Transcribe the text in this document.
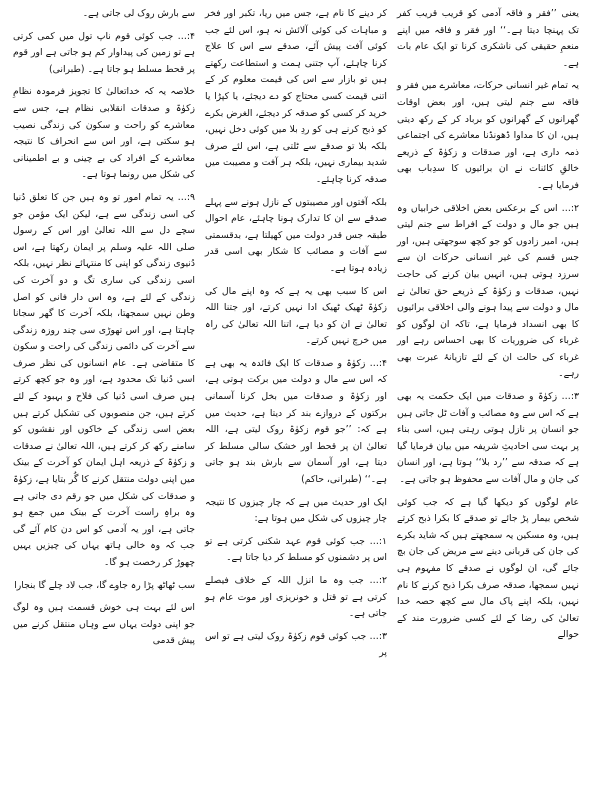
یعنی ’’فقر و فاقہ آدمی کو قریب قریب کفر تک پہنچا دیتا ہے۔‘‘ اور فقر و فاقہ میں اپنے منعمِ حقیقی کی ناشکری کرنا تو ایک عام بات ہے۔

یہ تمام غیر انسانی حرکات، معاشرے میں فقر و فاقہ سے جنم لیتی ہیں، اور بعض اوقات گھرانوں کے گھرانوں کو برباد کر کے رکھ دیتی ہیں، ان کا مداوا ڈھونڈنا معاشرے کی اجتماعی ذمہ داری ہے، اور صدقات و زکوٰۃ کے ذریعے خالقِ کائنات نے ان برائیوں کا سدِباب بھی فرمایا ہے۔

۲:… اس کے برعکس بعض اخلاقی خرابیاں وہ ہیں جو مال و دولت کے افراط سے جنم لیتی ہیں، امیر زادوں کو جو کچھ سوجھتی ہیں، اور جس قسم کی غیر انسانی حرکات ان سے سرزد ہوتی ہیں، انہیں بیان کرنے کی حاجت نہیں، صدقات و زکوٰۃ کے ذریعے حق تعالیٰ نے مال و دولت سے پیدا ہونے والی اخلاقی برائیوں کا بھی انسداد فرمایا ہے، تاکہ ان لوگوں کو غرباء کی ضروریات کا بھی احساس رہے اور غرباء کی حالت ان کے لئے تازیانۂ عبرت بھی رہے۔

۳:… زکوٰۃ و صدقات میں ایک حکمت یہ بھی ہے کہ اس سے وہ مصائب و آفات ٹل جاتی ہیں جو انسان پر نازل ہوتی رہتی ہیں، اسی بناء پر بہت سی احادیثِ شریفہ میں بیان فرمایا گیا ہے کہ صدقہ سے ’’رد بلا‘‘ ہوتا ہے، اور انسان کی جان و مال آفات سے محفوظ ہو جاتی ہے۔

عام لوگوں کو دیکھا گیا ہے کہ جب کوئی شخص بیمار پڑ جائے تو صدقے کا بکرا ذبح کرتے ہیں، وہ مسکین یہ سمجھتے ہیں کہ شاید بکرے کی جان کی قربانی دینے سے مریض کی جان بچ جائے گی، ان لوگوں نے صدقے کا مفہوم ہی نہیں سمجھا، صدقہ صرف بکرا ذبح کرنے کا نام نہیں، بلکہ اپنے پاک مال سے کچھ حصہ خدا تعالیٰ کی رضا کے لئے کسی ضرورت مند کے حوالے

کر دینے کا نام ہے، جس میں ریا، تکبر اور فخر و مباہات کی کوئی آلائش نہ ہو، اس لئے جب کوئی آفت پیش آئے، صدقے سے اس کا علاج کرنا چاہئے، آپ جتنی ہمت و استطاعت رکھتے ہیں تو بازار سے اس کی قیمت معلوم کر کے اتنی قیمت کسی محتاج کو دے دیجئے، یا کپڑا یا خرید کر کسی کو صدقہ کر دیجئے، الغرض بکرے کو ذبح کرنے ہی کو ردِ بلا میں کوئی دخل نہیں، بلکہ بلا تو صدقے سے ٹلتی ہے، اس لئے صرف شدید بیماری نہیں، بلکہ ہر آفت و مصیبت میں صدقہ کرنا چاہئے۔

بلکہ آفتوں اور مصیبتوں کے نازل ہونے سے پہلے صدقے سے ان کا تدارک ہونا چاہئے، عام احوال طبقہ جس قدر دولت میں کھیلتا ہے، بدقسمتی سے آفات و مصائب کا شکار بھی اسی قدر زیادہ ہوتا ہے۔

اس کا سبب بھی یہ ہے کہ وہ اپنے مال کی زکوٰۃ ٹھیک ٹھیک ادا نہیں کرتے، اور جتنا اللہ تعالیٰ نے ان کو دیا ہے، اتنا اللہ تعالیٰ کی راہ میں خرچ نہیں کرتے۔

۴:… زکوٰۃ و صدقات کا ایک فائدہ یہ بھی ہے کہ اس سے مال و دولت میں برکت ہوتی ہے، اور زکوٰۃ و صدقات میں بخل کرنا آسمانی برکتوں کے دروازے بند کر دیتا ہے، حدیث میں ہے کہ: ’’جو قوم زکوٰۃ روک لیتی ہے، اللہ تعالیٰ ان پر قحط اور خشک سالی مسلط کر دیتا ہے، اور آسمان سے بارش بند ہو جاتی ہے۔‘‘ (طبرانی، حاکم)

ایک اور حدیث میں ہے کہ چار چیزوں کا نتیجہ چار چیزوں کی شکل میں ہوتا ہے:

۱:… جب کوئی قوم عہد شکنی کرتی ہے تو اس پر دشمنوں کو مسلط کر دیا جاتا ہے۔

۲:… جب وہ ما انزل اللہ کے خلاف فیصلے کرتی ہے تو قتل و خونریزی اور موت عام ہو جاتی ہے۔

۳:… جب کوئی قوم زکوٰۃ روک لیتی ہے تو اس پر

سے بارش روک لی جاتی ہے۔

۴:… جب کوئی قوم ناپ تول میں کمی کرتی ہے تو زمین کی پیداوار کم ہو جاتی ہے اور قوم پر قحط مسلط ہو جاتا ہے۔ (طبرانی)

خلاصہ یہ کہ خداتعالیٰ کا تجویز فرمودہ نظامِ زکوٰۃ و صدقات انقلابی نظام ہے، جس سے معاشرے کو راحت و سکون کی زندگی نصیب ہو سکتی ہے، اور اس سے انحراف کا نتیجہ معاشرے کے افراد کی بے چینی و بے اطمینانی کی شکل میں رونما ہوتا ہے۔

۹:… یہ تمام امور تو وہ ہیں جن کا تعلق دُنیا کی اسی زندگی سے ہے، لیکن ایک مؤمن جو سچے دل سے اللہ تعالیٰ اور اس کے رسول صلی اللہ علیہ وسلم پر ایمان رکھتا ہے، اس دُنیوی زندگی کو اپنی کا منتہائے نظر نہیں، بلکہ اسی زندگی کی ساری تگ و دو آخرت کی زندگی کے لئے ہے، وہ اس دار فانی کو اصل وطن نہیں سمجھتا، بلکہ آخرت کا گھر سجانا چاہتا ہے، اور اس تھوڑی سی چند روزہ زندگی سے آخرت کی دائمی زندگی کی راحت و سکون کا متقاضی ہے۔ عام انسانوں کی نظر صرف اسی دُنیا تک محدود ہے، اور وہ جو کچھ کرتے ہیں صرف اسی دُنیا کی فلاح و بہبود کے لئے کرتے ہیں، جن منصوبوں کی تشکیل کرتے ہیں بعض اسی زندگی کے خاکوں اور نقشوں کو سامنے رکھ کر کرتے ہیں، اللہ تعالیٰ نے صدقات و زکوٰۃ کے ذریعہ اہل ایمان کو آخرت کے بینک میں اپنی دولت منتقل کرنے کا گُر بتایا ہے، زکوٰۃ و صدقات کی شکل میں جو رقم دی جاتی ہے وہ براہِ راست آخرت کے بینک میں جمع ہو جاتی ہے، اور یہ آدمی کو اس دن کام آئے گی جب کہ وہ خالی ہاتھ یہاں کی چیزیں یہیں چھوڑ کر رخصت ہو گا۔

سب ٹھاٹھ پڑا رہ جاوے گا، جب لاد چلے گا بنجارا

اس لئے بہت ہی خوش قسمت ہیں وہ لوگ جو اپنی دولت یہاں سے وہاں منتقل کرنے میں پیش قدمی
